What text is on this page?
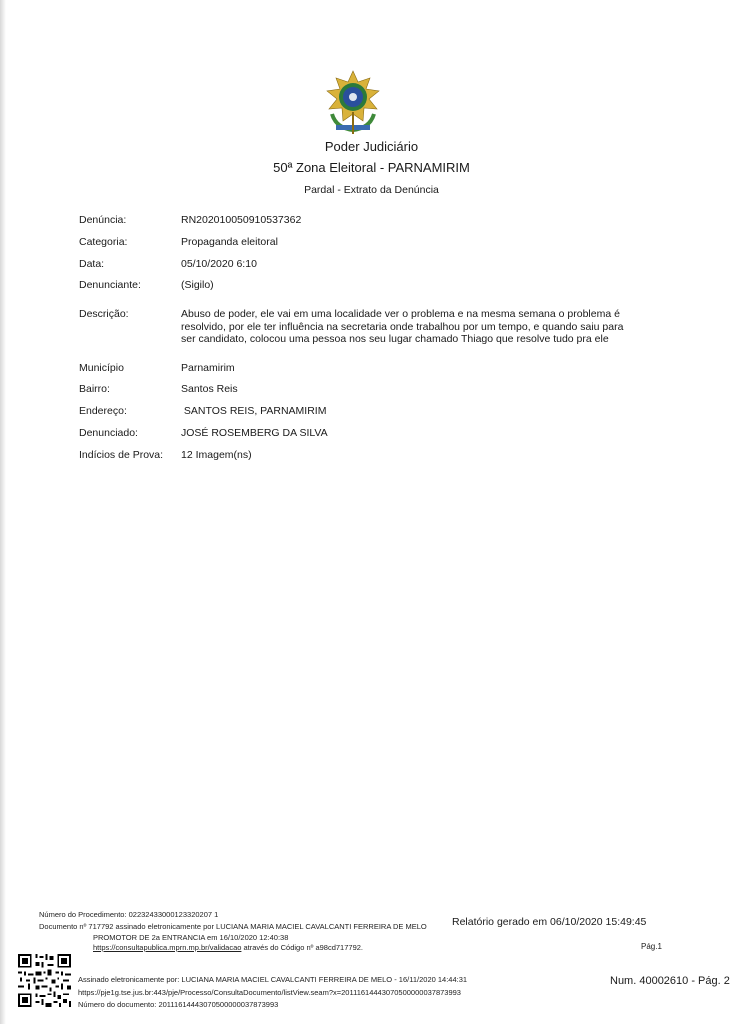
Poder Judiciário
50ª Zona Eleitoral - PARNAMIRIM
Pardal - Extrato da Denúncia
Denúncia:	RN202010050910537362
Categoria:	Propaganda eleitoral
Data:	05/10/2020 6:10
Denunciante:	(Sigilo)
Descrição:	Abuso de poder, ele vai em uma localidade ver o problema e na mesma semana o problema é resolvido, por ele ter influência na secretaria onde trabalhou por um tempo, e quando saiu para ser candidato, colocou uma pessoa nos seu lugar chamado Thiago que resolve tudo pra ele
Município	Parnamirim
Bairro:	Santos Reis
Endereço:	SANTOS REIS, PARNAMIRIM
Denunciado:	JOSÉ ROSEMBERG DA SILVA
Indícios de Prova:	12 Imagem(ns)
Número do Procedimento: 02232433000123320207 1
Documento nº 717792 assinado eletronicamente por LUCIANA MARIA MACIEL CAVALCANTI FERREIRA DE MELO Relatório gerado em 06/10/2020 15:49:45
PROMOTOR DE 2a ENTRANCIA em 16/10/2020 12:40:38
https://consultapublica.mprn.mp.br/validacao através do Código nº a98cd717792.	Pág.1
Assinado eletronicamente por: LUCIANA MARIA MACIEL CAVALCANTI FERREIRA DE MELO - 16/11/2020 14:44:31
https://pje1g.tse.jus.br:443/pje/Processo/ConsultaDocumento/listView.seam?x=20111614443070500000037873993
Número do documento: 20111614443070500000037873993
Num. 40002610 - Pág. 2
